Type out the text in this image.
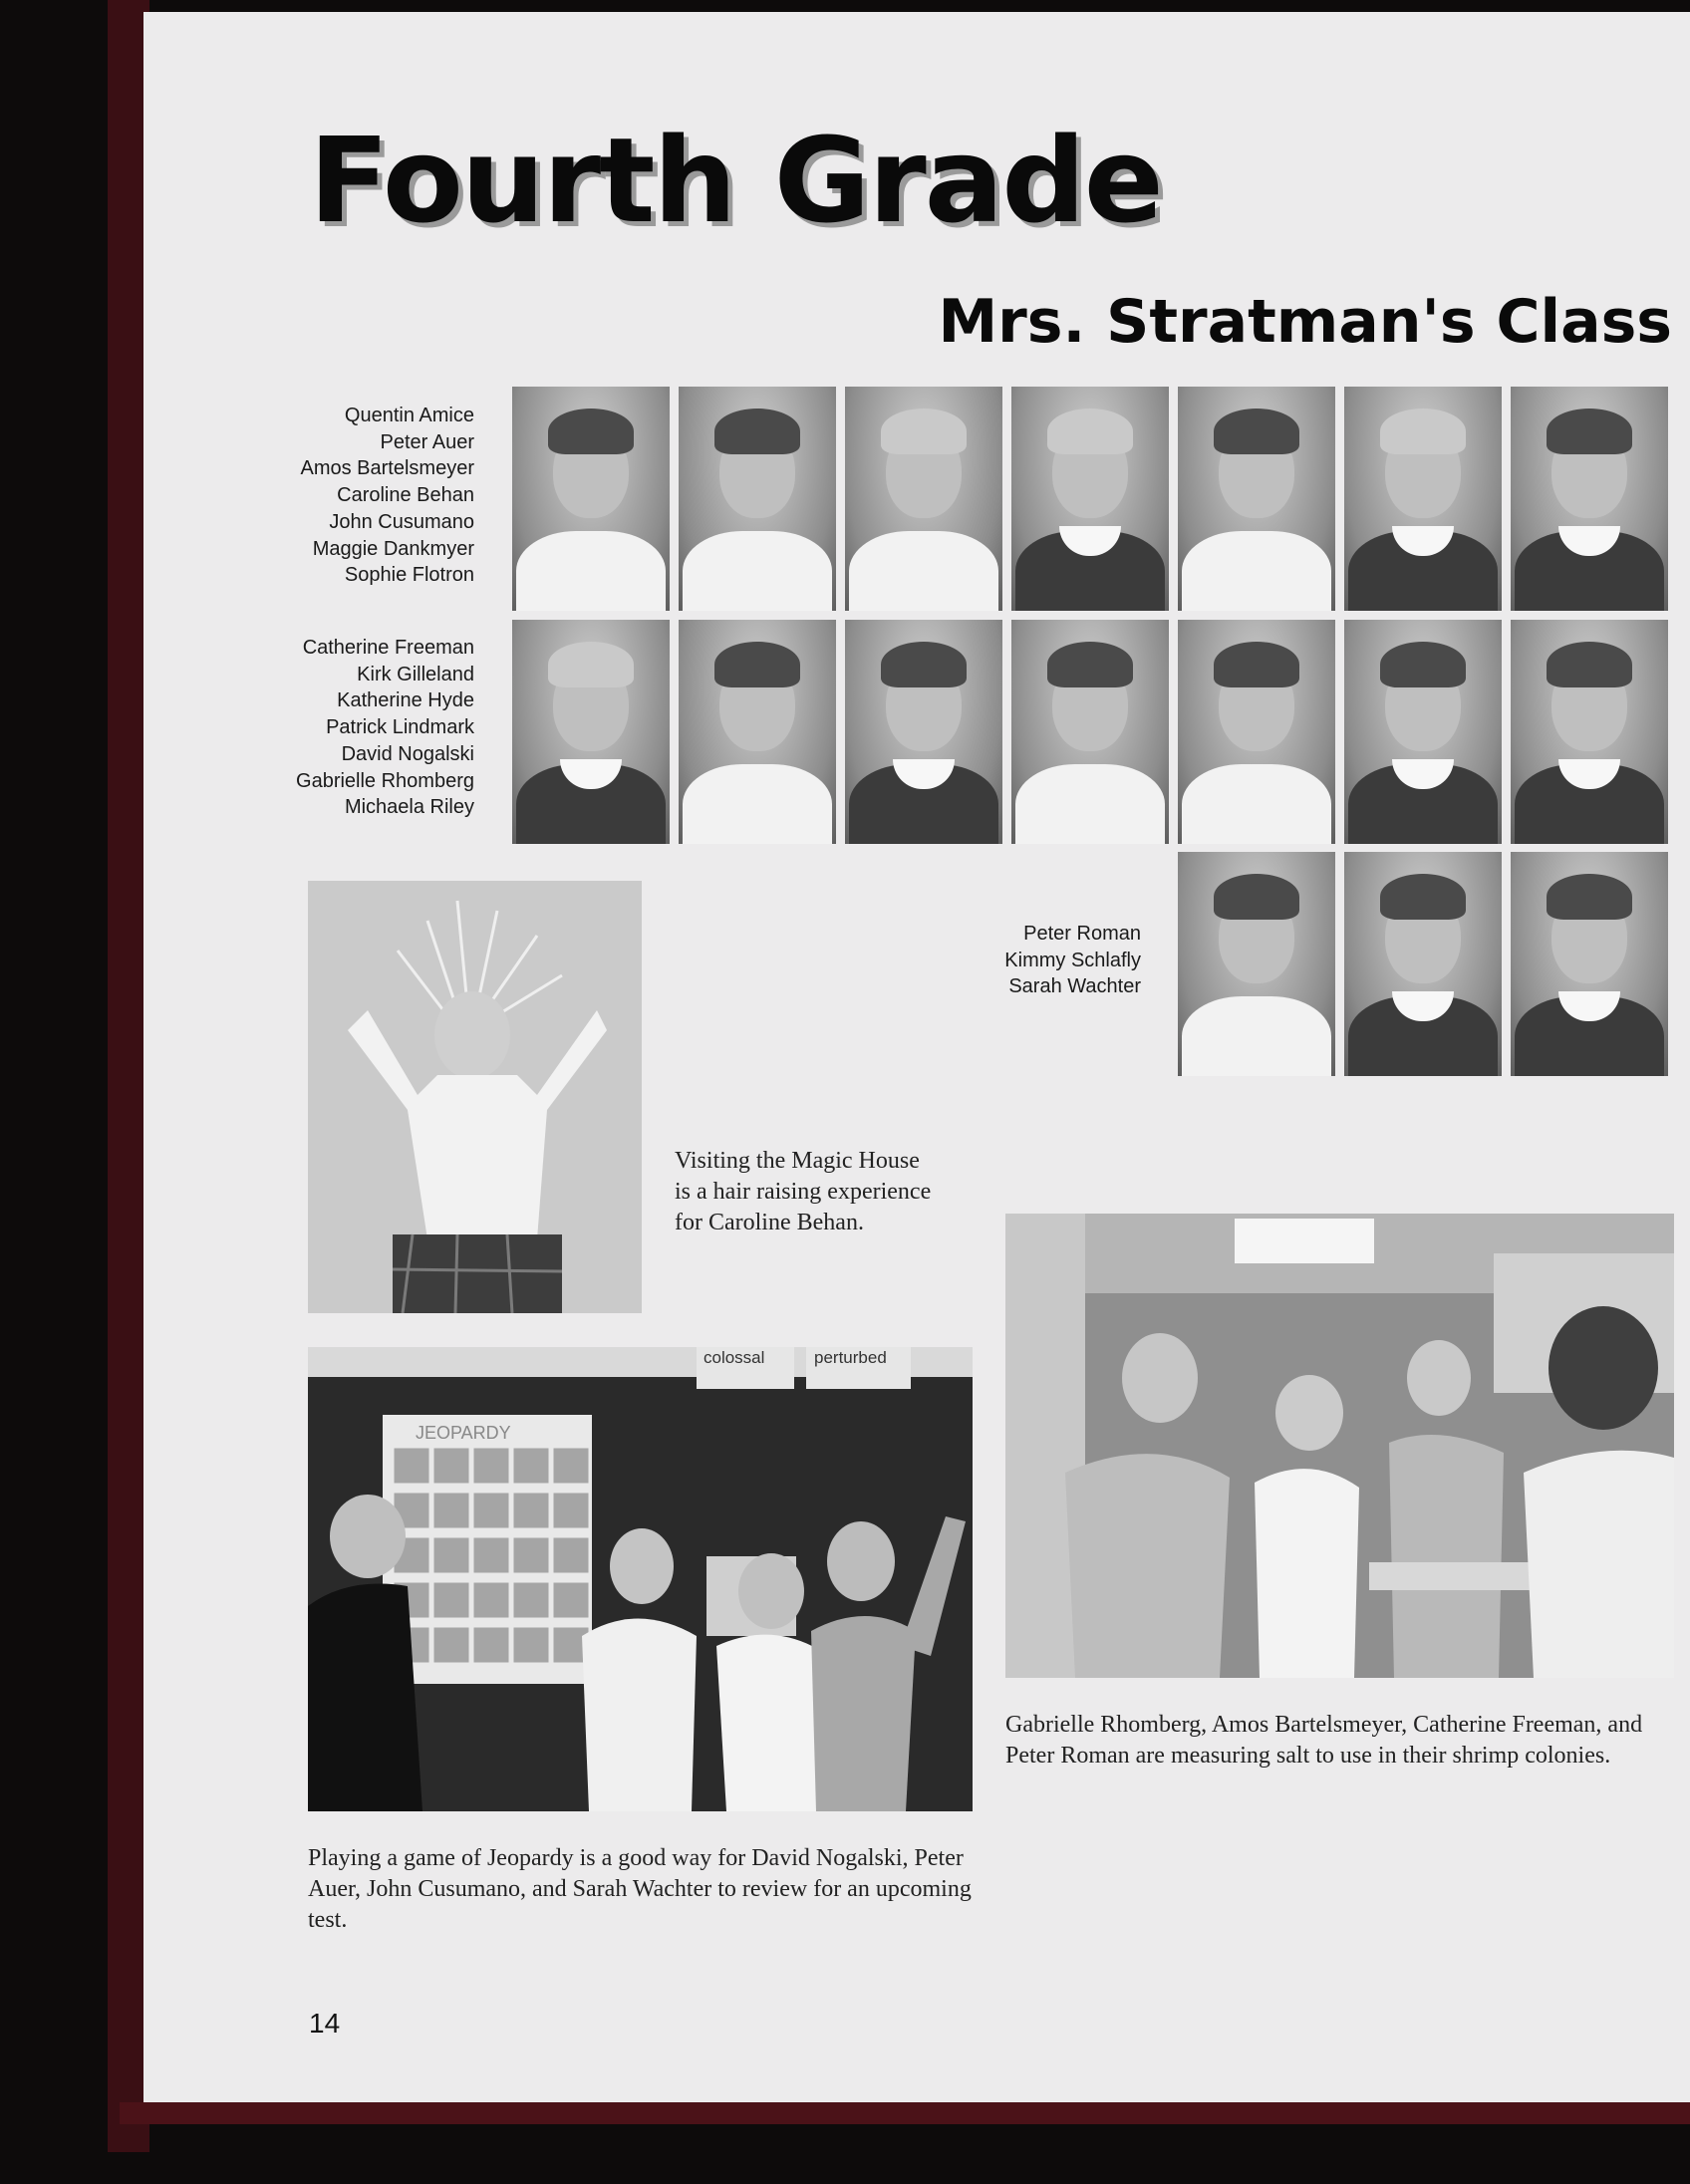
Fourth Grade
Mrs. Stratman's Class
Quentin Amice
Peter Auer
Amos Bartelsmeyer
Caroline Behan
John Cusumano
Maggie Dankmyer
Sophie Flotron
Catherine Freeman
Kirk Gilleland
Katherine Hyde
Patrick Lindmark
David Nogalski
Gabrielle Rhomberg
Michaela Riley
Peter Roman
Kimmy Schlafly
Sarah Wachter

Visiting the Magic House is a hair raising experience for Caroline Behan.

colossal	perturbed
JEOPARDY

Playing a game of Jeopardy is a good way for David Nogalski, Peter Auer, John Cusumano, and Sarah Wachter to review for an upcoming test.

Gabrielle Rhomberg, Amos Bartelsmeyer, Catherine Freeman, and Peter Roman are measuring salt to use in their shrimp colonies.

14
